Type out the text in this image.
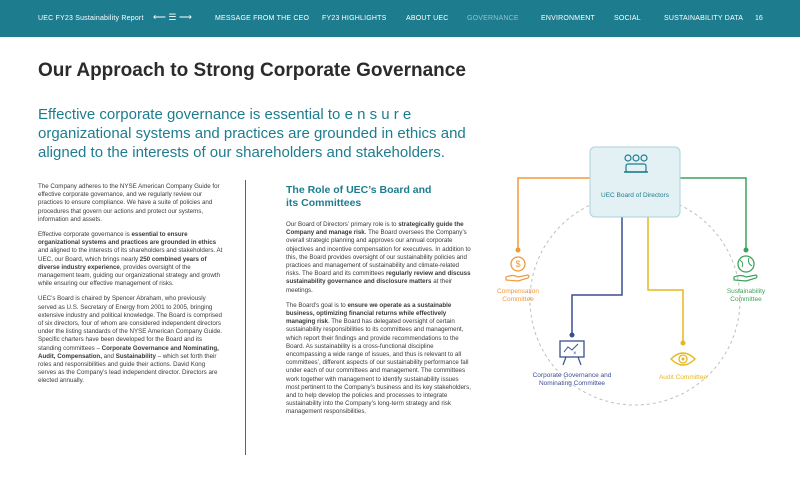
UEC FY23 Sustainability Report ⟵ ☰ ⟶	MESSAGE FROM THE CEO FY23 HIGHLIGHTS	ABOUT UEC	GOVERNANCE	ENVIRONMENT	SOCIAL	SUSTAINABILITY DATA 16
Our Approach to Strong Corporate Governance

Effective corporate governance is essential to e n s u r e organizational systems and practices are grounded in ethics and aligned to the interests of our shareholders and stakeholders.

The Company adheres to the NYSE American Company Guide for effective corporate governance, and we regularly review our practices to ensure compliance. We have a suite of policies and procedures that govern our actions and protect our systems, information and assets.

Effective corporate governance is essential to ensure organizational systems and practices are grounded in ethics and aligned to the interests of its shareholders and stakeholders. At UEC, our Board, which brings nearly 250 combined years of diverse industry experience, provides oversight of the management team, guiding our organizational strategy and growth while ensuring our effective management of risks.

UEC’s Board is chaired by Spencer Abraham, who previously served as U.S. Secretary of Energy from 2001 to 2005, bringing extensive industry and political knowledge. The Board is comprised of six directors, four of whom are considered independent directors under the listing standards of the NYSE American Company Guide. Specific charters have been developed for the Board and its standing committees – Corporate Governance and Nominating, Audit, Compensation, and Sustainability – which set forth their roles and responsibilities and guide their actions. David Kong serves as the Company’s lead independent director. Directors are elected annually.

The Role of UEC’s Board and its Committees

Our Board of Directors’ primary role is to strategically guide the Company and manage risk. The Board oversees the Company’s overall strategic planning and approves our annual corporate objectives and incentive compensation for executives. In addition to this, the Board provides oversight of our sustainability policies and practices and management of sustainability and climate-related risks. The Board and its committees regularly review and discuss sustainability governance and disclosure matters at their meetings.

The Board’s goal is to ensure we operate as a sustainable business, optimizing financial returns while effectively managing risk. The Board has delegated oversight of certain sustainability responsibilities to its committees and management, which report their findings and provide recommendations to the Board. As sustainability is a cross-functional discipline encompassing a wide range of issues, and thus is relevant to all committees’, different aspects of our sustainability performance fall under each of our committees and management. The committees work together with management to identify sustainability issues most pertinent to the Company’s business and its key stakeholders, and to help develop the policies and processes to integrate sustainability into the Company’s long-term strategy and risk management responsibilities.

UEC Board of Directors
$
Compensation Committee
Sustainability Committee
×
Corporate Governance and Nominating Committee
Audit Committee
